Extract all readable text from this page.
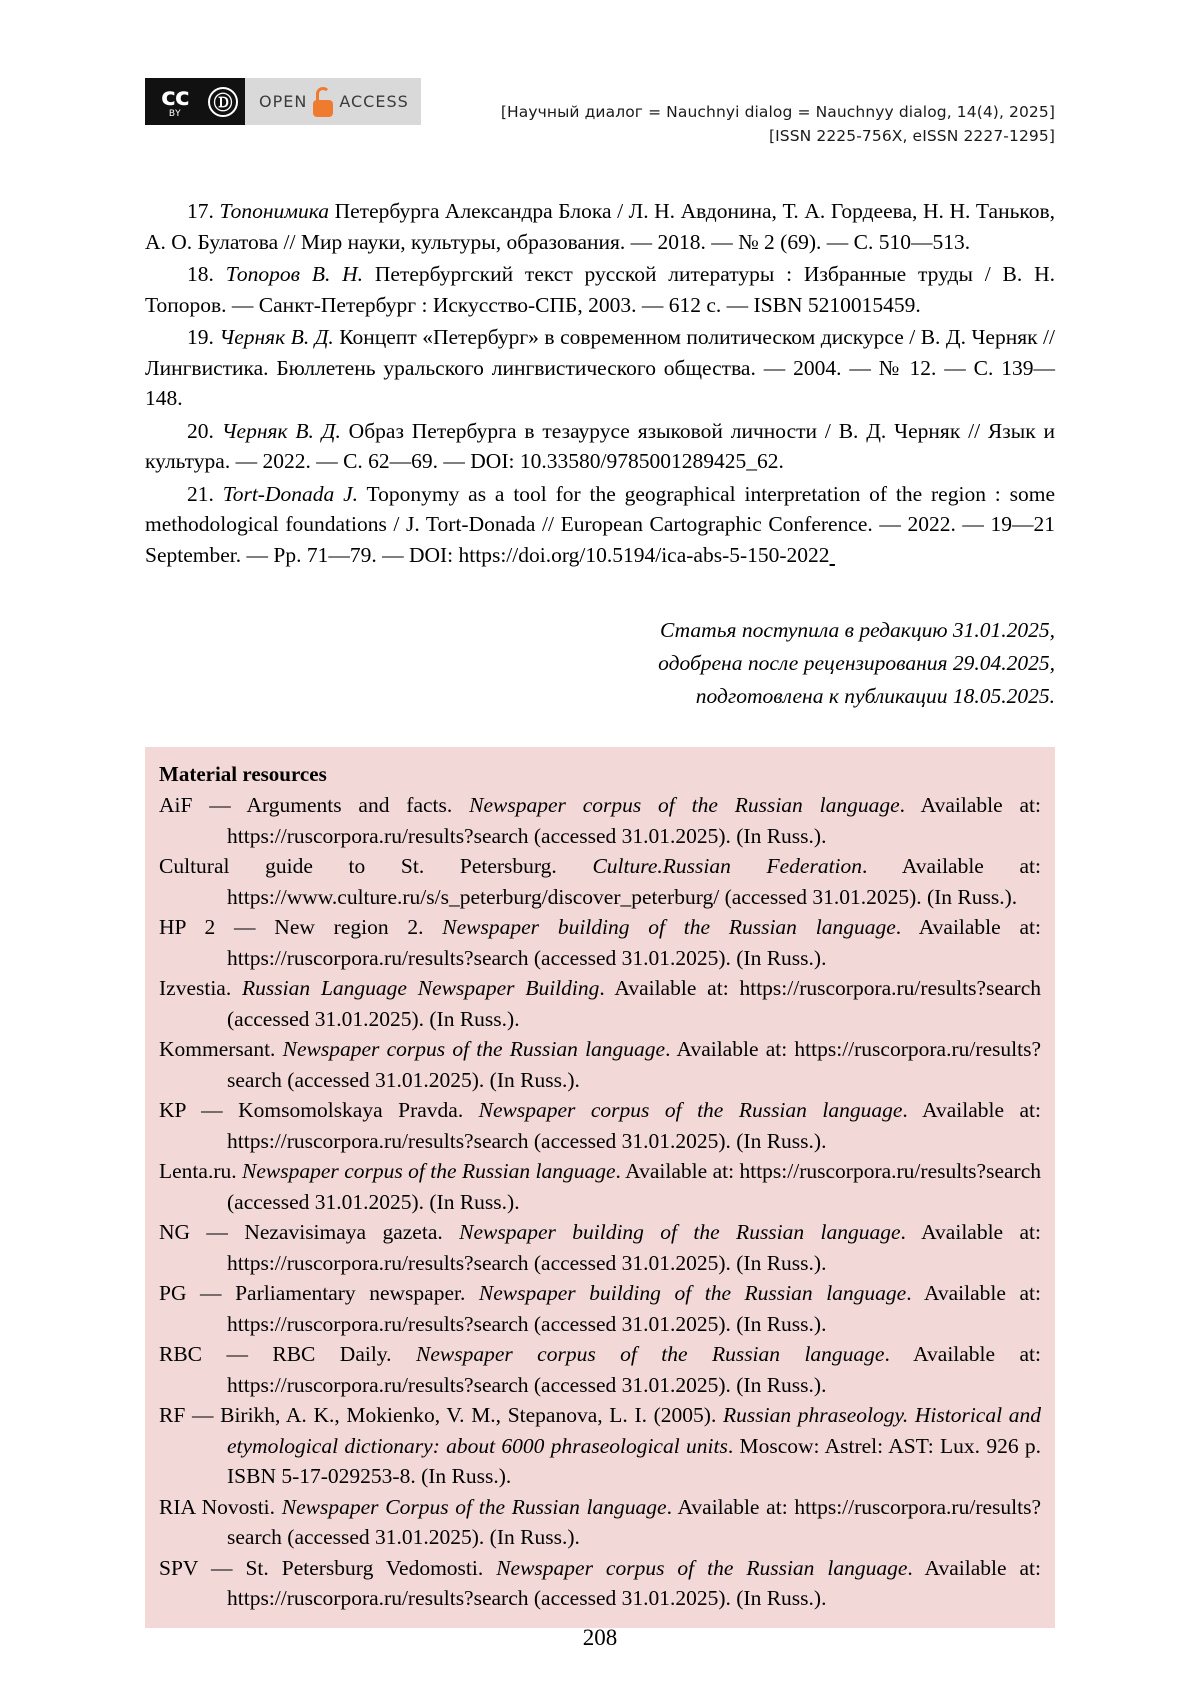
cc
BY Ⓓ	OPEN ACCESS
[Научный диалог = Nauchnyi dialog = Nauchnyy dialog, 14(4), 2025]
[ISSN 2225-756X, eISSN 2227-1295]
17. Топонимика Петербурга Александра Блока / Л. Н. Авдонина, Т. А. Гордеева, Н. Н. Таньков, А. О. Булатова // Мир науки, культуры, образования. — 2018. — № 2 (69). — С. 510—513.
18. Топоров В. Н. Петербургский текст русской литературы : Избранные труды / В. Н. Топоров. — Санкт-Петербург : Искусство-СПБ, 2003. — 612 с. — ISBN 5210015459.
19. Черняк В. Д. Концепт «Петербург» в современном политическом дискурсе / В. Д. Черняк // Лингвистика. Бюллетень уральского лингвистического общества. — 2004. — № 12. — С. 139—148.
20. Черняк В. Д. Образ Петербурга в тезаурусе языковой личности / В. Д. Черняк // Язык и культура. — 2022. — С. 62—69. — DOI: 10.33580/9785001289425_62.
21. Tort-Donada J. Toponymy as a tool for the geographical interpretation of the region : some methodological foundations / J. Tort-Donada // European Cartographic Conference. — 2022. — 19—21 September. — Pp. 71—79. — DOI: https://doi.org/10.5194/ica-abs-5-150-2022
Статья поступила в редакцию 31.01.2025,
одобрена после рецензирования 29.04.2025,
подготовлена к публикации 18.05.2025.
Material resources
AiF — Arguments and facts. Newspaper corpus of the Russian language. Available at: https://ruscorpora.ru/results?search (accessed 31.01.2025). (In Russ.).
Cultural guide to St. Petersburg. Culture.Russian Federation. Available at: https://www.culture.ru/s/s_peterburg/discover_peterburg/ (accessed 31.01.2025). (In Russ.).
HP 2 — New region 2. Newspaper building of the Russian language. Available at: https://ruscorpora.ru/results?search (accessed 31.01.2025). (In Russ.).
Izvestia. Russian Language Newspaper Building. Available at: https://ruscorpora.ru/results?search (accessed 31.01.2025). (In Russ.).
Kommersant. Newspaper corpus of the Russian language. Available at: https://ruscorpora.ru/results?search (accessed 31.01.2025). (In Russ.).
KP — Komsomolskaya Pravda. Newspaper corpus of the Russian language. Available at: https://ruscorpora.ru/results?search (accessed 31.01.2025). (In Russ.).
Lenta.ru. Newspaper corpus of the Russian language. Available at: https://ruscorpora.ru/results?search (accessed 31.01.2025). (In Russ.).
NG — Nezavisimaya gazeta. Newspaper building of the Russian language. Available at: https://ruscorpora.ru/results?search (accessed 31.01.2025). (In Russ.).
PG — Parliamentary newspaper. Newspaper building of the Russian language. Available at: https://ruscorpora.ru/results?search (accessed 31.01.2025). (In Russ.).
RBC — RBC Daily. Newspaper corpus of the Russian language. Available at: https://ruscorpora.ru/results?search (accessed 31.01.2025). (In Russ.).
RF — Birikh, A. K., Mokienko, V. M., Stepanova, L. I. (2005). Russian phraseology. Historical and etymological dictionary: about 6000 phraseological units. Moscow: Astrel: AST: Lux. 926 p. ISBN 5-17-029253-8. (In Russ.).
RIA Novosti. Newspaper Corpus of the Russian language. Available at: https://ruscorpora.ru/results?search (accessed 31.01.2025). (In Russ.).
SPV — St. Petersburg Vedomosti. Newspaper corpus of the Russian language. Available at: https://ruscorpora.ru/results?search (accessed 31.01.2025). (In Russ.).
208
